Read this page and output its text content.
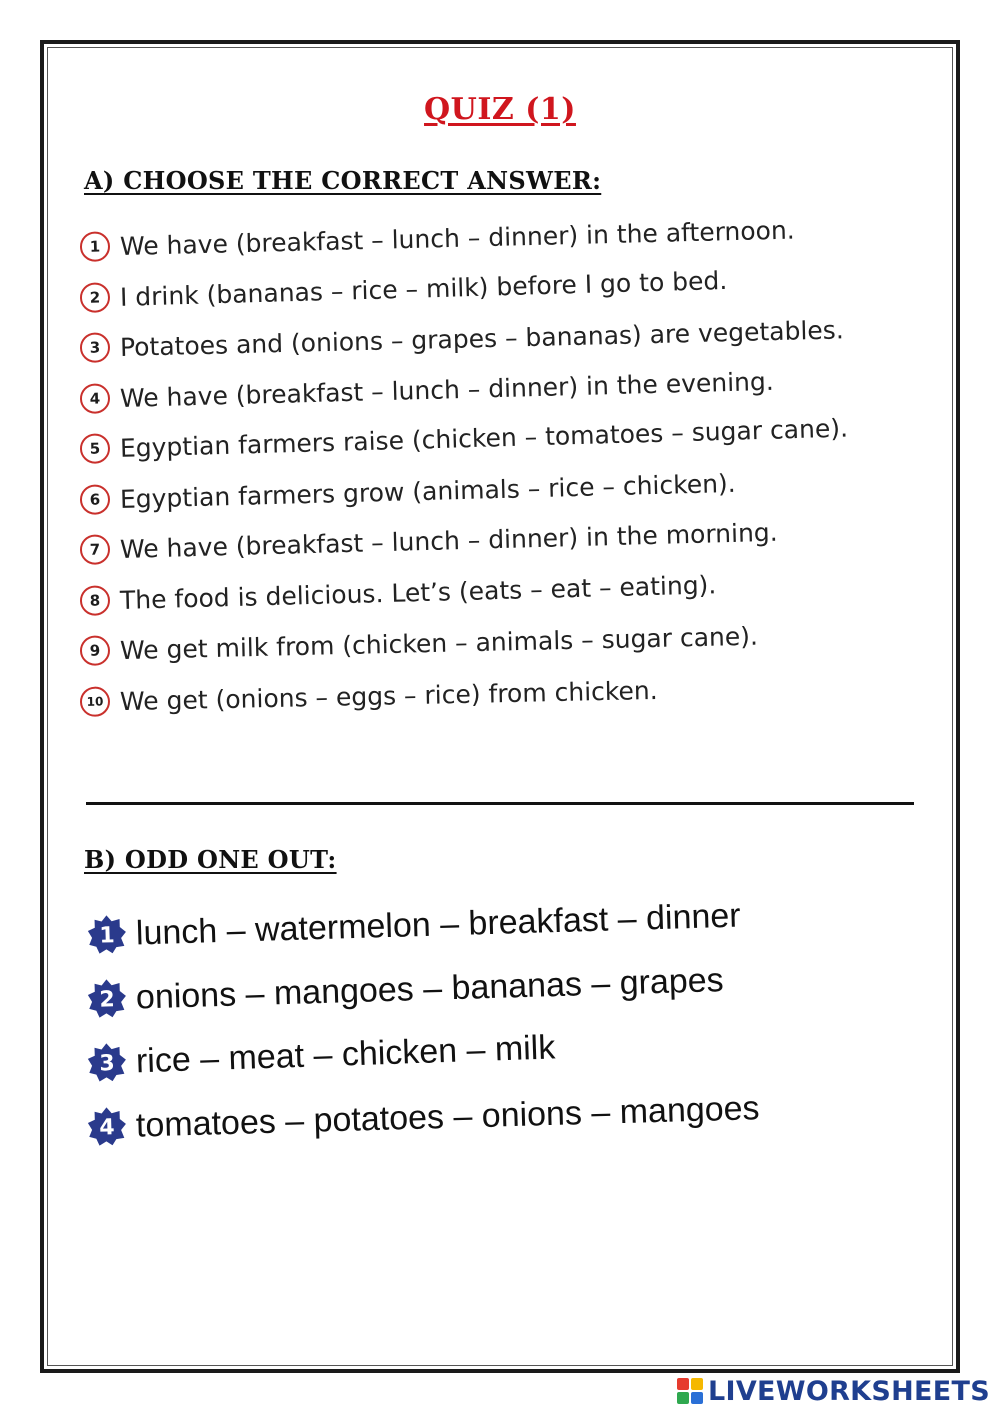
QUIZ (1)
A) CHOOSE THE CORRECT ANSWER:
1 We have (breakfast – lunch – dinner) in the afternoon.
2 I drink (bananas – rice – milk) before I go to bed.
3 Potatoes and (onions – grapes – bananas) are vegetables.
4 We have (breakfast – lunch – dinner) in the evening.
5 Egyptian farmers raise (chicken – tomatoes – sugar cane).
6 Egyptian farmers grow (animals – rice – chicken).
7 We have (breakfast – lunch – dinner) in the morning.
8 The food is delicious. Let’s (eats – eat – eating).
9 We get milk from (chicken – animals – sugar cane).
10 We get (onions – eggs – rice) from chicken.
B) ODD ONE OUT:
1 lunch – watermelon – breakfast – dinner
2 onions – mangoes – bananas – grapes
3 rice – meat – chicken – milk
4 tomatoes – potatoes – onions – mangoes
LIVEWORKSHEETS
